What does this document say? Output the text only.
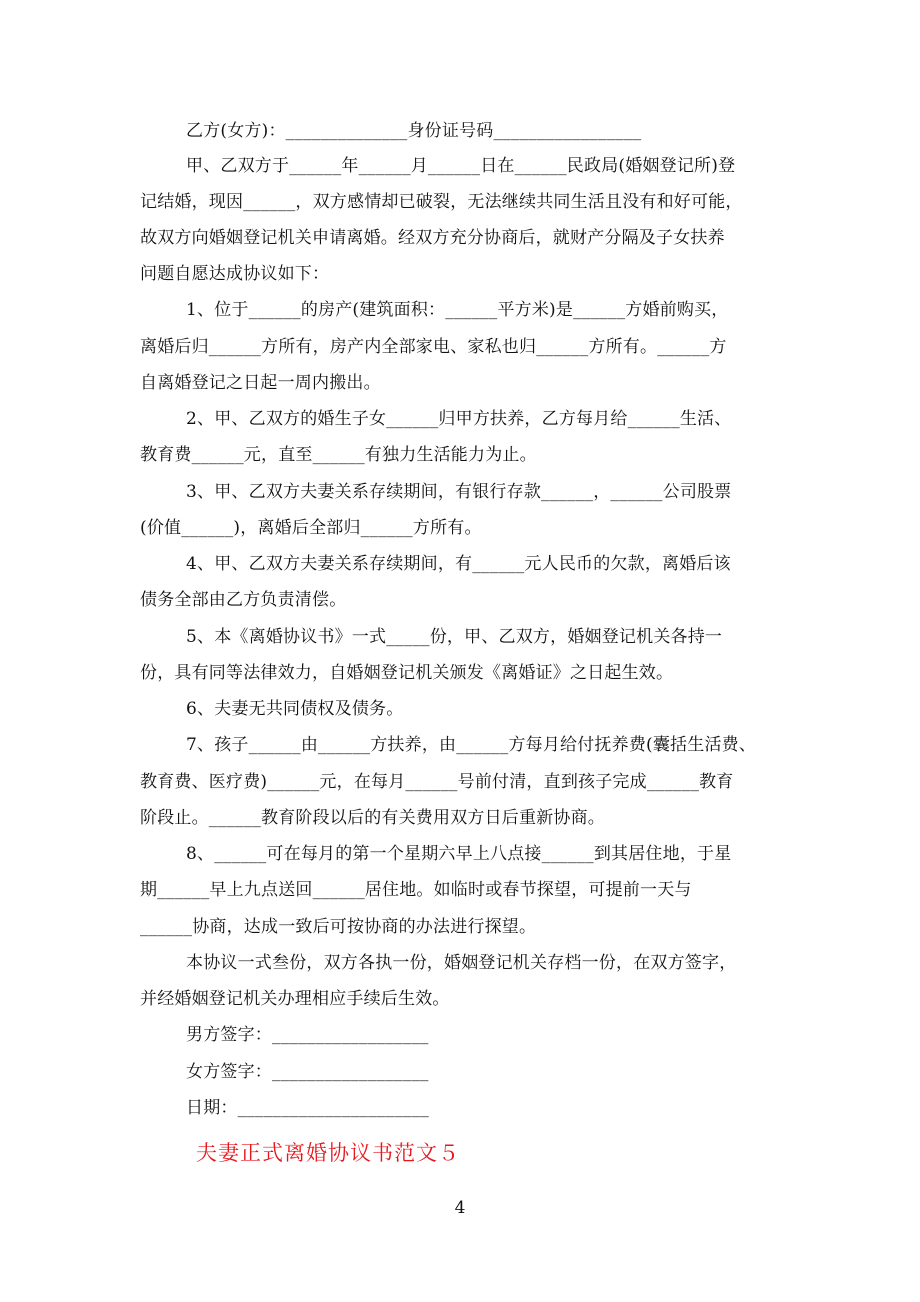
乙方(女方)：______________身份证号码_________________
甲、乙双方于______年______月______日在______民政局(婚姻登记所)登
记结婚，现因______，双方感情却已破裂，无法继续共同生活且没有和好可能，
故双方向婚姻登记机关申请离婚。经双方充分协商后，就财产分隔及子女扶养
问题自愿达成协议如下：
1、位于______的房产(建筑面积：______平方米)是______方婚前购买，
离婚后归______方所有，房产内全部家电、家私也归______方所有。______方
自离婚登记之日起一周内搬出。
2、甲、乙双方的婚生子女______归甲方扶养，乙方每月给______生活、
教育费______元，直至______有独力生活能力为止。
3、甲、乙双方夫妻关系存续期间，有银行存款______，______公司股票
(价值______)，离婚后全部归______方所有。
4、甲、乙双方夫妻关系存续期间，有______元人民币的欠款，离婚后该
债务全部由乙方负责清偿。
5、本《离婚协议书》一式_____份，甲、乙双方，婚姻登记机关各持一
份，具有同等法律效力，自婚姻登记机关颁发《离婚证》之日起生效。
6、夫妻无共同债权及债务。
7、孩子______由______方扶养，由______方每月给付抚养费(囊括生活费、
教育费、医疗费)______元，在每月______号前付清，直到孩子完成______教育
阶段止。______教育阶段以后的有关费用双方日后重新协商。
8、______可在每月的第一个星期六早上八点接______到其居住地，于星
期______早上九点送回______居住地。如临时或春节探望，可提前一天与
______协商，达成一致后可按协商的办法进行探望。
本协议一式叁份，双方各执一份，婚姻登记机关存档一份，在双方签字，
并经婚姻登记机关办理相应手续后生效。
男方签字：__________________
女方签字：__________________
日期：______________________
夫妻正式离婚协议书范文５
4
